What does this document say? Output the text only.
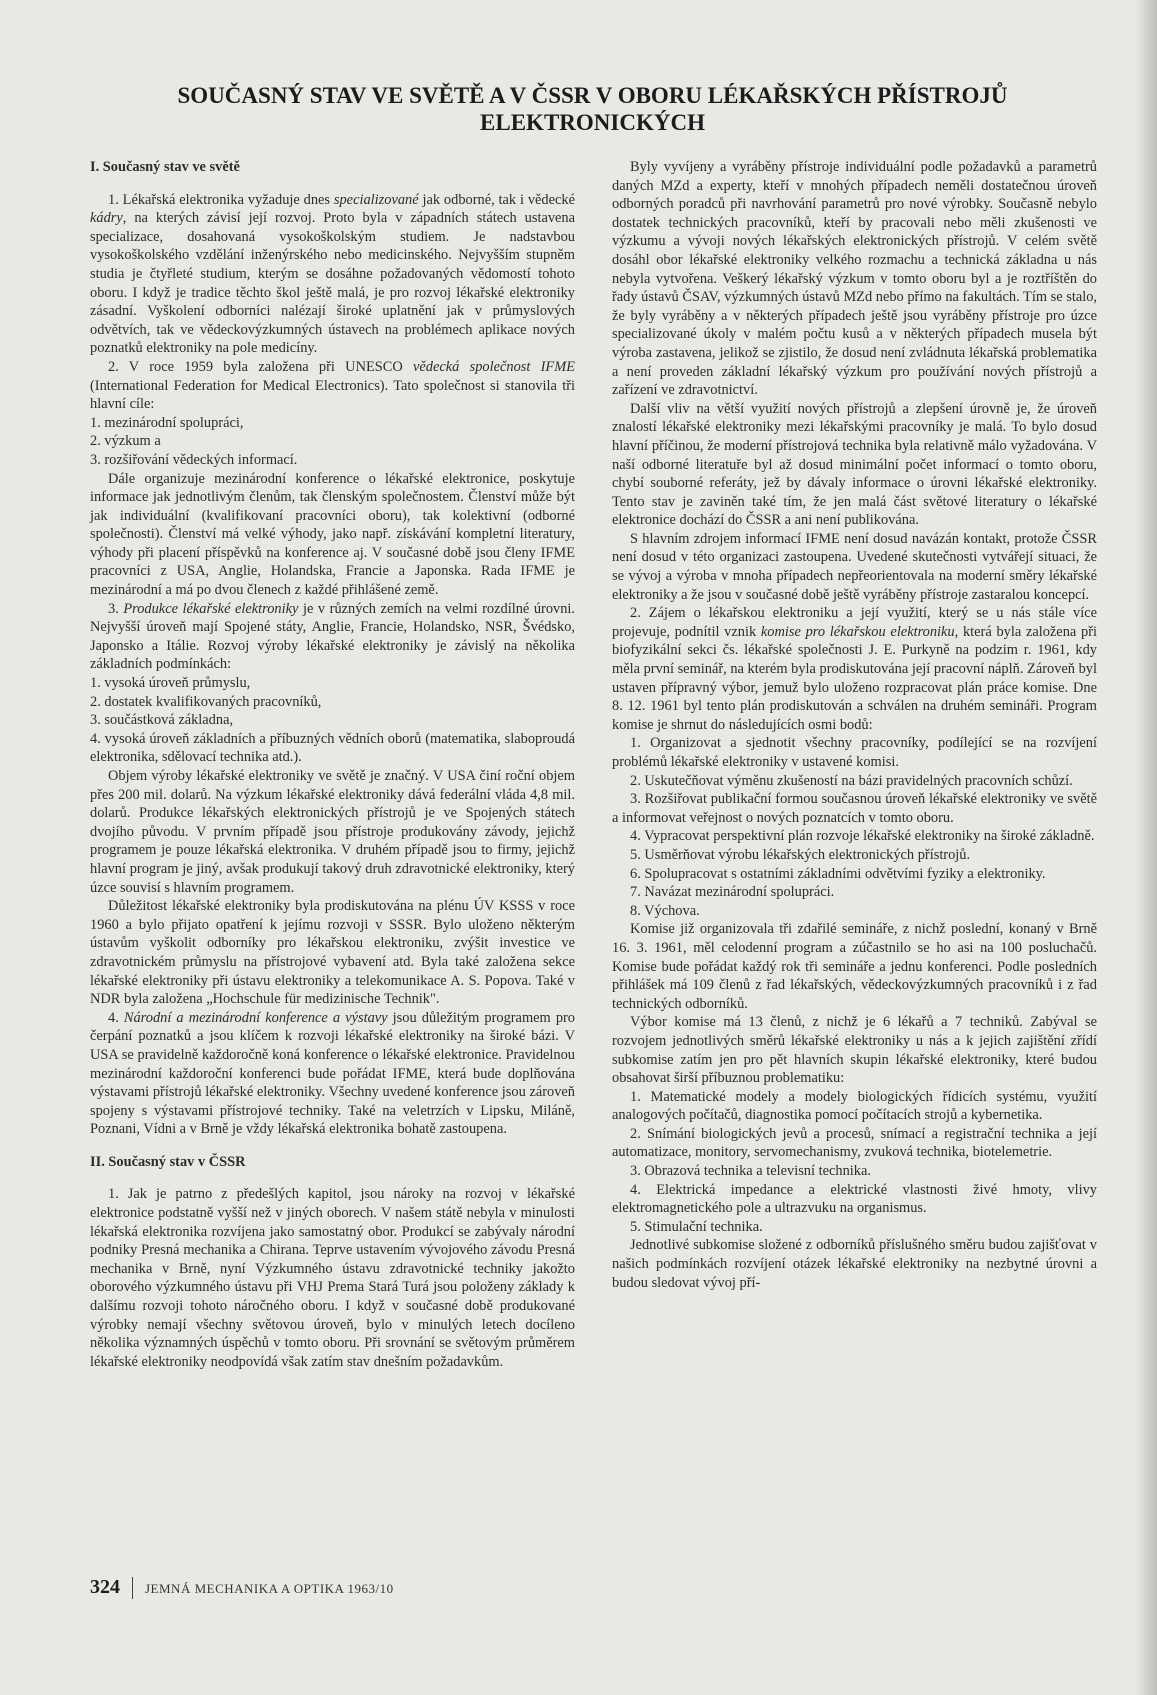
SOUČASNÝ STAV VE SVĚTĚ A V ČSSR V OBORU LÉKAŘSKÝCH PŘÍSTROJŮ
ELEKTRONICKÝCH
I. Současný stav ve světě

1. Lékařská elektronika vyžaduje dnes specializované jak odborné, tak i vědecké kádry, na kterých závisí její rozvoj. Proto byla v západních státech ustavena specializace, dosahovaná vysokoškolským studiem. Je nadstavbou vysokoškolského vzdělání inženýrského nebo medicinského. Nejvyšším stupněm studia je čtyřleté studium, kterým se dosáhne požadovaných vědomostí tohoto oboru. I když je tradice těchto škol ještě malá, je pro rozvoj lékařské elektroniky zásadní. Vyškolení odborníci nalézají široké uplatnění jak v průmyslových odvětvích, tak ve vědeckovýzkumných ústavech na problémech aplikace nových poznatků elektroniky na pole medicíny.

2. V roce 1959 byla založena při UNESCO vědecká společnost IFME (International Federation for Medical Electronics). Tato společnost si stanovila tři hlavní cíle:

1. mezinárodní spolupráci,

2. výzkum a

3. rozšiřování vědeckých informací.

Dále organizuje mezinárodní konference o lékařské elektronice, poskytuje informace jak jednotlivým členům, tak členským společnostem. Členství může být jak individuální (kvalifikovaní pracovníci oboru), tak kolektivní (odborné společnosti). Členství má velké výhody, jako např. získávání kompletní literatury, výhody při placení příspěvků na konference aj. V současné době jsou členy IFME pracovníci z USA, Anglie, Holandska, Francie a Japonska. Rada IFME je mezinárodní a má po dvou členech z každé přihlášené země.

3. Produkce lékařské elektroniky je v různých zemích na velmi rozdílné úrovni. Nejvyšší úroveň mají Spojené státy, Anglie, Francie, Holandsko, NSR, Švédsko, Japonsko a Itálie. Rozvoj výroby lékařské elektroniky je závislý na několika základních podmínkách:

1. vysoká úroveň průmyslu,

2. dostatek kvalifikovaných pracovníků,

3. součástková základna,

4. vysoká úroveň základních a příbuzných vědních oborů (matematika, slaboproudá elektronika, sdělovací technika atd.).

Objem výroby lékařské elektroniky ve světě je značný. V USA činí roční objem přes 200 mil. dolarů. Na výzkum lékařské elektroniky dává federální vláda 4,8 mil. dolarů. Produkce lékařských elektronických přístrojů je ve Spojených státech dvojího původu. V prvním případě jsou přístroje produkovány závody, jejichž programem je pouze lékařská elektronika. V druhém případě jsou to firmy, jejichž hlavní program je jiný, avšak produkují takový druh zdravotnické elektroniky, který úzce souvisí s hlavním programem.

Důležitost lékařské elektroniky byla prodiskutována na plénu ÚV KSSS v roce 1960 a bylo přijato opatření k jejímu rozvoji v SSSR. Bylo uloženo některým ústavům vyškolit odborníky pro lékařskou elektroniku, zvýšit investice ve zdravotnickém průmyslu na přístrojové vybavení atd. Byla také založena sekce lékařské elektroniky při ústavu elektroniky a telekomunikace A. S. Popova. Také v NDR byla založena „Hochschule für medizinische Technik".

4. Národní a mezinárodní konference a výstavy jsou důležitým programem pro čerpání poznatků a jsou klíčem k rozvoji lékařské elektroniky na široké bázi. V USA se pravidelně každoročně koná konference o lékařské elektronice. Pravidelnou mezinárodní každoroční konferenci bude pořádat IFME, která bude doplňována výstavami přístrojů lékařské elektroniky. Všechny uvedené konference jsou zároveň spojeny s výstavami přístrojové techniky. Také na veletrzích v Lipsku, Miláně, Poznani, Vídni a v Brně je vždy lékařská elektronika bohatě zastoupena.

II. Současný stav v ČSSR

1. Jak je patrno z předešlých kapitol, jsou nároky na rozvoj v lékařské elektronice podstatně vyšší než v jiných oborech. V našem státě nebyla v minulosti lékařská elektronika rozvíjena jako samostatný obor. Produkcí se zabývaly národní podniky Presná mechanika a Chirana. Teprve ustavením vývojového závodu Presná mechanika v Brně, nyní Výzkumného ústavu zdravotnické techniky jakožto oborového výzkumného ústavu při VHJ Prema Stará Turá jsou položeny základy k dalšímu rozvoji tohoto náročného oboru. I když v současné době produkované výrobky nemají všechny světovou úroveň, bylo v minulých letech docíleno několika významných úspěchů v tomto oboru. Při srovnání se světovým průměrem lékařské elektroniky neodpovídá však zatím stav dnešním požadavkům.

Byly vyvíjeny a vyráběny přístroje individuální podle požadavků a parametrů daných MZd a experty, kteří v mnohých případech neměli dostatečnou úroveň odborných poradců při navrhování parametrů pro nové výrobky. Současně nebylo dostatek technických pracovníků, kteří by pracovali nebo měli zkušenosti ve výzkumu a vývoji nových lékařských elektronických přístrojů. V celém světě dosáhl obor lékařské elektroniky velkého rozmachu a technická základna u nás nebyla vytvořena. Veškerý lékařský výzkum v tomto oboru byl a je roztříštěn do řady ústavů ČSAV, výzkumných ústavů MZd nebo přímo na fakultách. Tím se stalo, že byly vyráběny a v některých případech ještě jsou vyráběny přístroje pro úzce specializované úkoly v malém počtu kusů a v některých případech musela být výroba zastavena, jelikož se zjistilo, že dosud není zvládnuta lékařská problematika a není proveden základní lékařský výzkum pro používání nových přístrojů a zařízení ve zdravotnictví.

Další vliv na větší využití nových přístrojů a zlepšení úrovně je, že úroveň znalostí lékařské elektroniky mezi lékařskými pracovníky je malá. To bylo dosud hlavní příčinou, že moderní přístrojová technika byla relativně málo vyžadována. V naší odborné literatuře byl až dosud minimální počet informací o tomto oboru, chybí souborné referáty, jež by dávaly informace o úrovni lékařské elektroniky. Tento stav je zaviněn také tím, že jen malá část světové literatury o lékařské elektronice dochází do ČSSR a ani není publikována.

S hlavním zdrojem informací IFME není dosud navázán kontakt, protože ČSSR není dosud v této organizaci zastoupena. Uvedené skutečnosti vytvářejí situaci, že se vývoj a výroba v mnoha případech nepřeorientovala na moderní směry lékařské elektroniky a že jsou v současné době ještě vyráběny přístroje zastaralou koncepcí.

2. Zájem o lékařskou elektroniku a její využití, který se u nás stále více projevuje, podnítil vznik komise pro lékařskou elektroniku, která byla založena při biofyzikální sekci čs. lékařské společnosti J. E. Purkyně na podzim r. 1961, kdy měla první seminář, na kterém byla prodiskutována její pracovní náplň. Zároveň byl ustaven přípravný výbor, jemuž bylo uloženo rozpracovat plán práce komise. Dne 8. 12. 1961 byl tento plán prodiskutován a schválen na druhém semináři. Program komise je shrnut do následujících osmi bodů:

1. Organizovat a sjednotit všechny pracovníky, podílející se na rozvíjení problémů lékařské elektroniky v ustavené komisi.

2. Uskutečňovat výměnu zkušeností na bázi pravidelných pracovních schůzí.

3. Rozšiřovat publikační formou současnou úroveň lékařské elektroniky ve světě a informovat veřejnost o nových poznatcích v tomto oboru.

4. Vypracovat perspektivní plán rozvoje lékařské elektroniky na široké základně.

5. Usměrňovat výrobu lékařských elektronických přístrojů.

6. Spolupracovat s ostatními základními odvětvími fyziky a elektroniky.

7. Navázat mezinárodní spolupráci.

8. Výchova.

Komise již organizovala tři zdařilé semináře, z nichž poslední, konaný v Brně 16. 3. 1961, měl celodenní program a zúčastnilo se ho asi na 100 posluchačů. Komise bude pořádat každý rok tři semináře a jednu konferenci. Podle posledních přihlášek má 109 členů z řad lékařských, vědeckovýzkumných pracovníků i z řad technických odborníků.

Výbor komise má 13 členů, z nichž je 6 lékařů a 7 techniků. Zabýval se rozvojem jednotlivých směrů lékařské elektroniky u nás a k jejich zajištění zřídí subkomise zatím jen pro pět hlavních skupin lékařské elektroniky, které budou obsahovat širší příbuznou problematiku:

1. Matematické modely a modely biologických řídicích systému, využití analogových počítačů, diagnostika pomocí počítacích strojů a kybernetika.

2. Snímání biologických jevů a procesů, snímací a registrační technika a její automatizace, monitory, servomechanismy, zvuková technika, biotelemetrie.

3. Obrazová technika a televisní technika.

4. Elektrická impedance a elektrické vlastnosti živé hmoty, vlivy elektromagnetického pole a ultrazvuku na organismus.

5. Stimulační technika.

Jednotlivé subkomise složené z odborníků příslušného směru budou zajišťovat v našich podmínkách rozvíjení otázek lékařské elektroniky na nezbytné úrovni a budou sledovat vývoj pří-

324 JEMNÁ MECHANIKA A OPTIKA 1963/10
